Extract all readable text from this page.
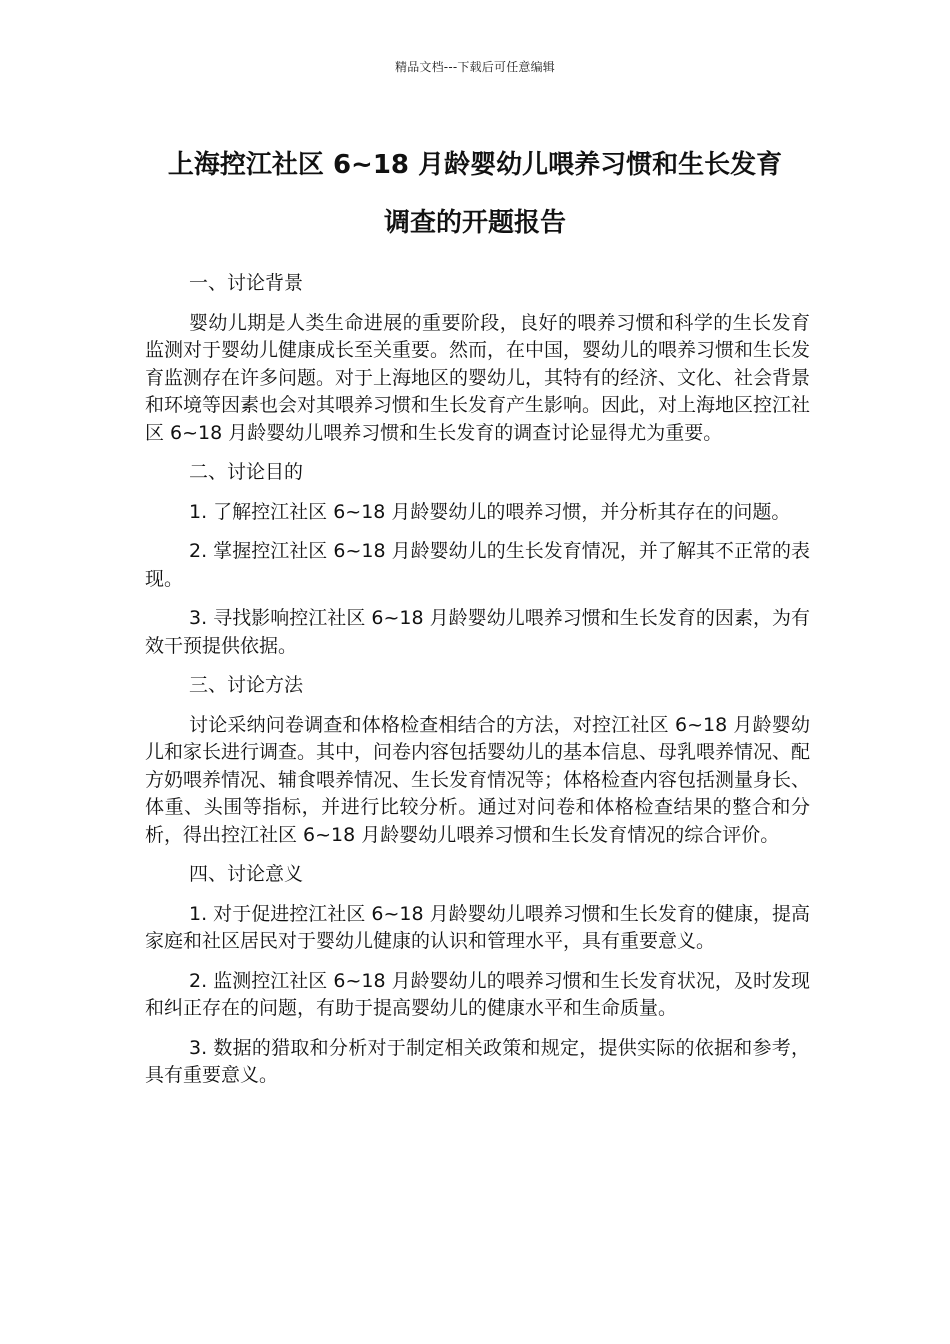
精品文档---下载后可任意编辑
上海控江社区 6~18 月龄婴幼儿喂养习惯和生长发育
调查的开题报告

一、讨论背景

婴幼儿期是人类生命进展的重要阶段，良好的喂养习惯和科学的生长发育监测对于婴幼儿健康成长至关重要。然而，在中国，婴幼儿的喂养习惯和生长发育监测存在许多问题。对于上海地区的婴幼儿，其特有的经济、文化、社会背景和环境等因素也会对其喂养习惯和生长发育产生影响。因此，对上海地区控江社区 6~18 月龄婴幼儿喂养习惯和生长发育的调查讨论显得尤为重要。

二、讨论目的

1. 了解控江社区 6~18 月龄婴幼儿的喂养习惯，并分析其存在的问题。

2. 掌握控江社区 6~18 月龄婴幼儿的生长发育情况，并了解其不正常的表现。

3. 寻找影响控江社区 6~18 月龄婴幼儿喂养习惯和生长发育的因素，为有效干预提供依据。

三、讨论方法

讨论采纳问卷调查和体格检查相结合的方法，对控江社区 6~18 月龄婴幼儿和家长进行调查。其中，问卷内容包括婴幼儿的基本信息、母乳喂养情况、配方奶喂养情况、辅食喂养情况、生长发育情况等；体格检查内容包括测量身长、体重、头围等指标，并进行比较分析。通过对问卷和体格检查结果的整合和分析，得出控江社区 6~18 月龄婴幼儿喂养习惯和生长发育情况的综合评价。

四、讨论意义

1. 对于促进控江社区 6~18 月龄婴幼儿喂养习惯和生长发育的健康，提高家庭和社区居民对于婴幼儿健康的认识和管理水平，具有重要意义。

2. 监测控江社区 6~18 月龄婴幼儿的喂养习惯和生长发育状况，及时发现和纠正存在的问题，有助于提高婴幼儿的健康水平和生命质量。

3. 数据的猎取和分析对于制定相关政策和规定，提供实际的依据和参考，具有重要意义。
